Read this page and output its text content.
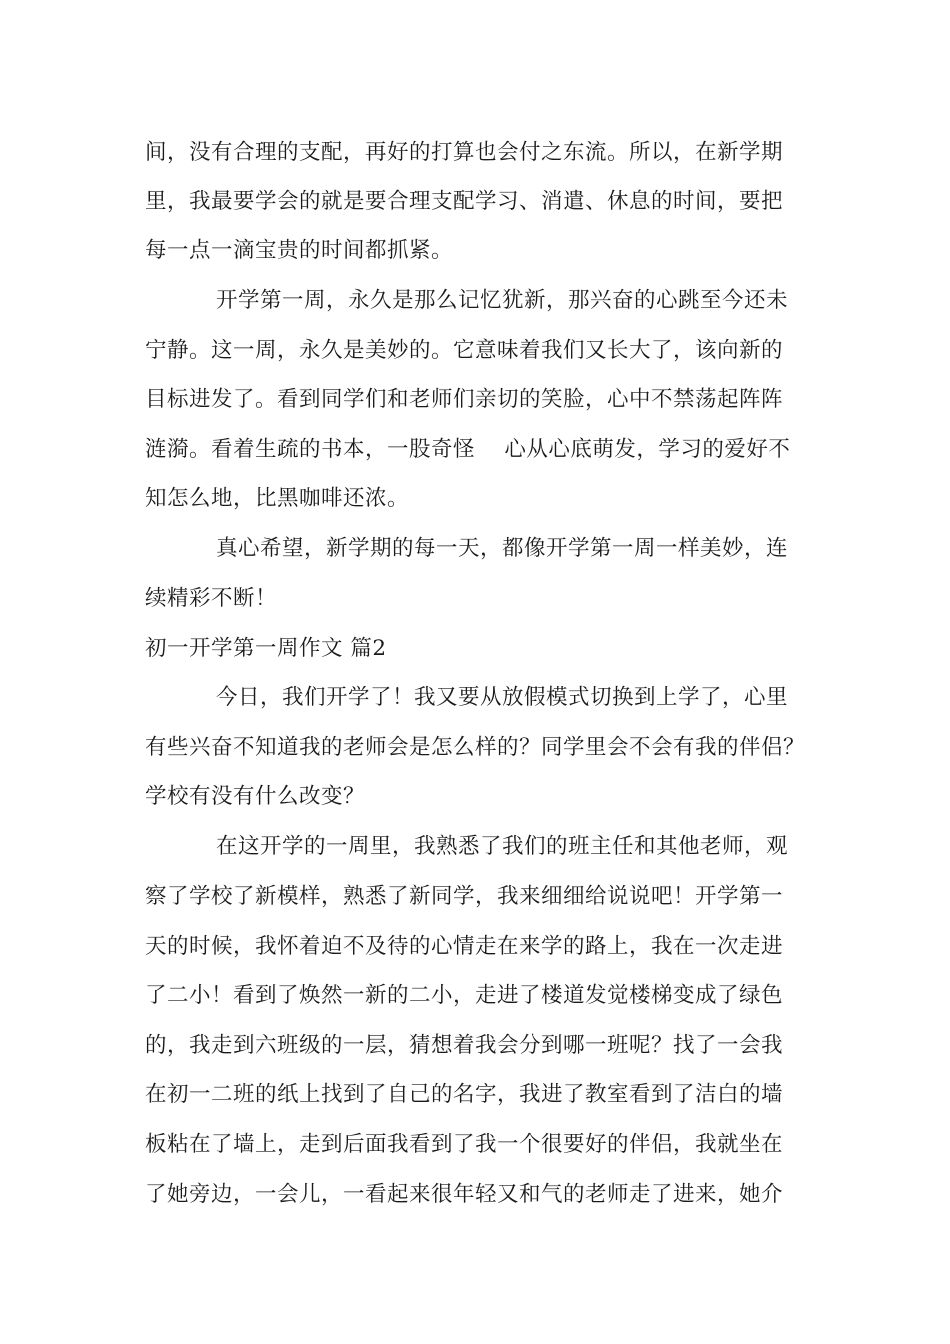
间，没有合理的支配，再好的打算也会付之东流。所以，在新学期
里，我最要学会的就是要合理支配学习、消遣、休息的时间，要把
每一点一滴宝贵的时间都抓紧。
开学第一周，永久是那么记忆犹新，那兴奋的心跳至今还未
宁静。这一周，永久是美妙的。它意味着我们又长大了，该向新的
目标进发了。看到同学们和老师们亲切的笑脸，心中不禁荡起阵阵
涟漪。看着生疏的书本，一股奇怪    心从心底萌发，学习的爱好不
知怎么地，比黑咖啡还浓。
真心希望，新学期的每一天，都像开学第一周一样美妙，连
续精彩不断！
初一开学第一周作文 篇2
今日，我们开学了！我又要从放假模式切换到上学了，心里
有些兴奋不知道我的老师会是怎么样的？同学里会不会有我的伴侣？
学校有没有什么改变？
在这开学的一周里，我熟悉了我们的班主任和其他老师，观
察了学校了新模样，熟悉了新同学，我来细细给说说吧！开学第一
天的时候，我怀着迫不及待的心情走在来学的路上，我在一次走进
了二小！看到了焕然一新的二小，走进了楼道发觉楼梯变成了绿色
的，我走到六班级的一层，猜想着我会分到哪一班呢？找了一会我
在初一二班的纸上找到了自己的名字，我进了教室看到了洁白的墙
板粘在了墙上，走到后面我看到了我一个很要好的伴侣，我就坐在
了她旁边，一会儿，一看起来很年轻又和气的老师走了进来，她介
